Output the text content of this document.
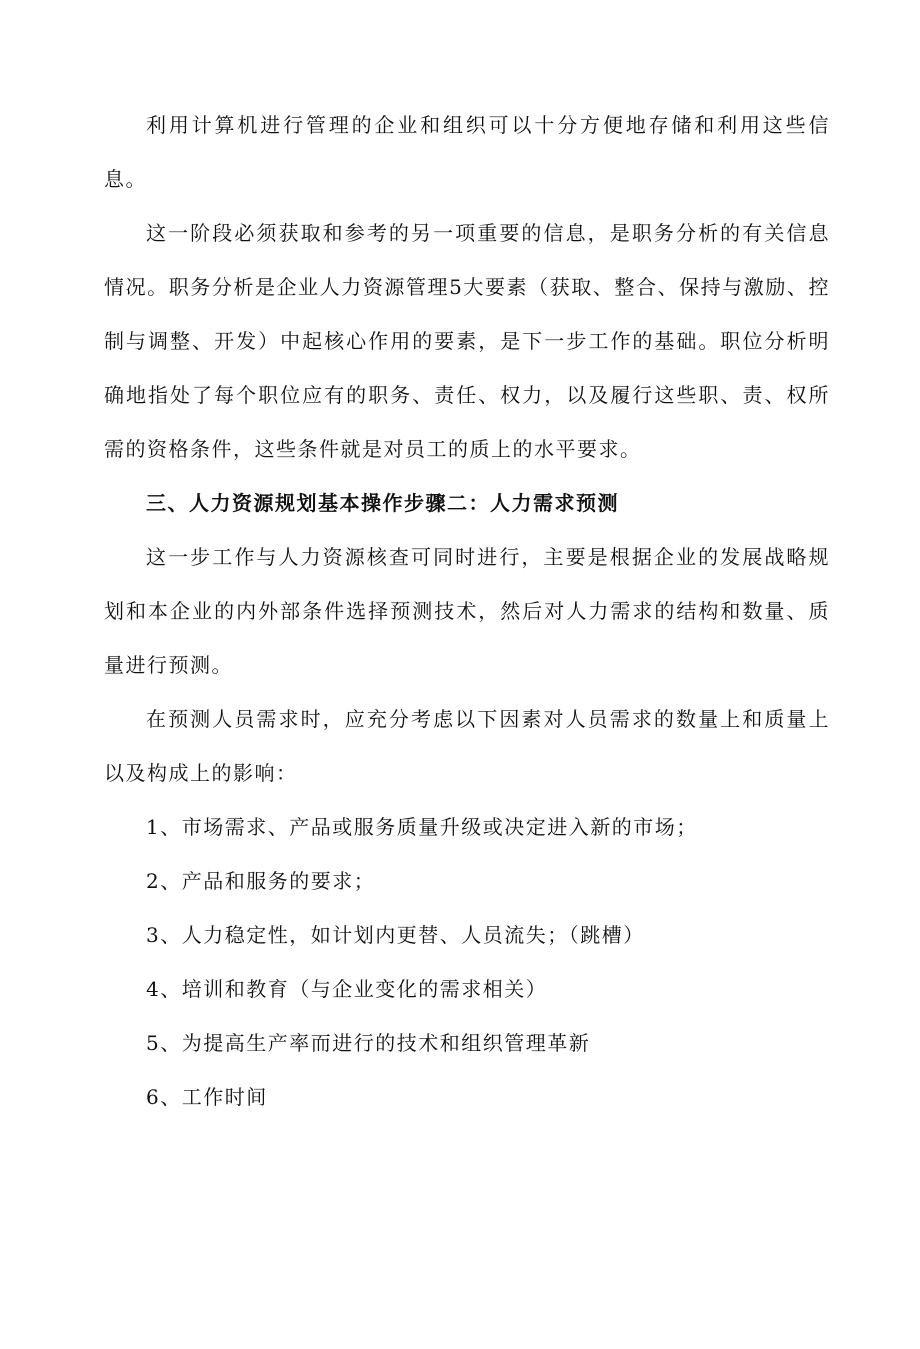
利用计算机进行管理的企业和组织可以十分方便地存储和利用这些信息。

这一阶段必须获取和参考的另一项重要的信息，是职务分析的有关信息情况。职务分析是企业人力资源管理5大要素（获取、整合、保持与激励、控制与调整、开发）中起核心作用的要素，是下一步工作的基础。职位分析明确地指处了每个职位应有的职务、责任、权力，以及履行这些职、责、权所需的资格条件，这些条件就是对员工的质上的水平要求。

三、人力资源规划基本操作步骤二：人力需求预测

这一步工作与人力资源核查可同时进行，主要是根据企业的发展战略规划和本企业的内外部条件选择预测技术，然后对人力需求的结构和数量、质量进行预测。

在预测人员需求时，应充分考虑以下因素对人员需求的数量上和质量上以及构成上的影响：

1、市场需求、产品或服务质量升级或决定进入新的市场；

2、产品和服务的要求；

3、人力稳定性，如计划内更替、人员流失；（跳槽）

4、培训和教育（与企业变化的需求相关）

5、为提高生产率而进行的技术和组织管理革新

6、工作时间
